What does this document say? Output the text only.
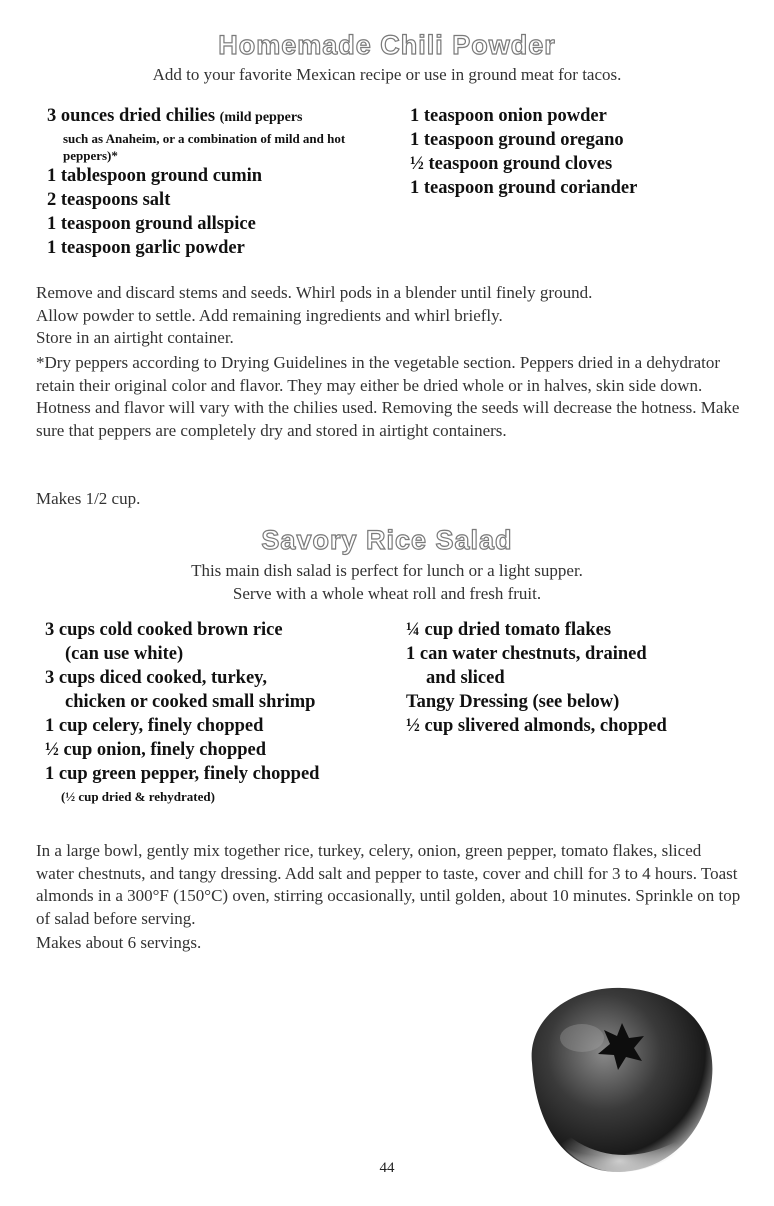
Homemade Chili Powder
Add to your favorite Mexican recipe or use in ground meat for tacos.
3 ounces dried chilies (mild peppers
such as Anaheim, or a combination of mild and hot peppers)*
1 tablespoon ground cumin
2 teaspoons salt
1 teaspoon ground allspice
1 teaspoon garlic powder
1 teaspoon onion powder
1 teaspoon ground oregano
½ teaspoon ground cloves
1 teaspoon ground coriander

Remove and discard stems and seeds. Whirl pods in a blender until finely ground.

Allow powder to settle. Add remaining ingredients and whirl briefly.

Store in an airtight container.

*Dry peppers according to Drying Guidelines in the vegetable section. Peppers dried in a dehydrator retain their original color and flavor. They may either be dried whole or in halves, skin side down. Hotness and flavor will vary with the chilies used. Removing the seeds will decrease the hotness. Make sure that peppers are completely dry and stored in airtight containers.

Makes 1/2 cup.

Savory Rice Salad
This main dish salad is perfect for lunch or a light supper.
Serve with a whole wheat roll and fresh fruit.
3 cups cold cooked brown rice
(can use white)
3 cups diced cooked, turkey,
chicken or cooked small shrimp
1 cup celery, finely chopped
½ cup onion, finely chopped
1 cup green pepper, finely chopped
(½ cup dried & rehydrated)
¼ cup dried tomato flakes
1 can water chestnuts, drained
and sliced
Tangy Dressing (see below)
½ cup slivered almonds, chopped

In a large bowl, gently mix together rice, turkey, celery, onion, green pepper, tomato flakes, sliced water chestnuts, and tangy dressing. Add salt and pepper to taste, cover and chill for 3 to 4 hours. Toast almonds in a 300°F (150°C) oven, stirring occasionally, until golden, about 10 minutes. Sprinkle on top of salad before serving.

Makes about 6 servings.

44
